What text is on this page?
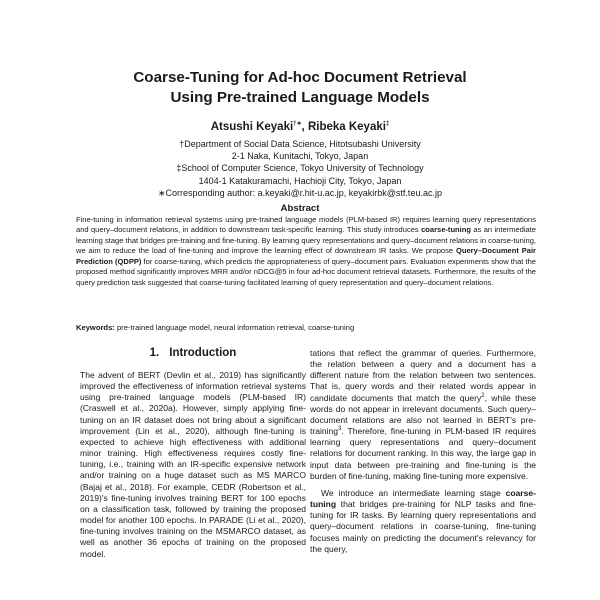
Coarse-Tuning for Ad-hoc Document Retrieval
Using Pre-trained Language Models
Atsushi Keyaki†∗, Ribeka Keyaki‡
†Department of Social Data Science, Hitotsubashi University
2-1 Naka, Kunitachi, Tokyo, Japan
‡School of Computer Science, Tokyo University of Technology
1404-1 Katakuramachi, Hachioji City, Tokyo, Japan
∗Corresponding author: a.keyaki@r.hit-u.ac.jp, keyakirbk@stf.teu.ac.jp
Abstract
Fine-tuning in information retrieval systems using pre-trained language models (PLM-based IR) requires learning query representations and query–document relations, in addition to downstream task-specific learning. This study introduces coarse-tuning as an intermediate learning stage that bridges pre-training and fine-tuning. By learning query representations and query–document relations in coarse-tuning, we aim to reduce the load of fine-tuning and improve the learning effect of downstream IR tasks. We propose Query–Document Pair Prediction (QDPP) for coarse-tuning, which predicts the appropriateness of query–document pairs. Evaluation experiments show that the proposed method significantly improves MRR and/or nDCG@5 in four ad-hoc document retrieval datasets. Furthermore, the results of the query prediction task suggested that coarse-tuning facilitated learning of query representation and query–document relations.
Keywords: pre-trained language model, neural information retrieval, coarse-tuning
1. Introduction

The advent of BERT (Devlin et al., 2019) has significantly improved the effectiveness of information retrieval systems using pre-trained language models (PLM-based IR) (Craswell et al., 2020a). However, simply applying fine-tuning on an IR dataset does not bring about a significant improvement (Lin et al., 2020), although fine-tuning is expected to achieve high effectiveness with additional minor training. High effectiveness requires costly fine-tuning, i.e., training with an IR-specific expensive network and/or training on a huge dataset such as MS MARCO (Bajaj et al., 2018). For example, CEDR (Robertson et al., 2019)'s fine-tuning involves training BERT for 100 epochs on a classification task, followed by training the proposed model for another 100 epochs. In PARADE (Li et al., 2020), fine-tuning involves training on the MSMARCO dataset, as well as another 36 epochs of training on the proposed model.

tations that reflect the grammar of queries. Furthermore, the relation between a query and a document has a different nature from the relation between two sentences. That is, query words and their related words appear in candidate documents that match the query$^2$, while these words do not appear in irrelevant documents. Such query–document relations are also not learned in BERT's pre-training$^3$. Therefore, fine-tuning in PLM-based IR requires learning query representations and query–document relations for document ranking. In this way, the large gap in input data between pre-training and fine-tuning is the burden of fine-tuning, making fine-tuning more expensive.

We introduce an intermediate learning stage coarse-tuning that bridges pre-training for NLP tasks and fine-tuning for IR tasks. By learning query representations and query–document relations in coarse-tuning, fine-tuning focuses mainly on predicting the document's relevancy for the query,
